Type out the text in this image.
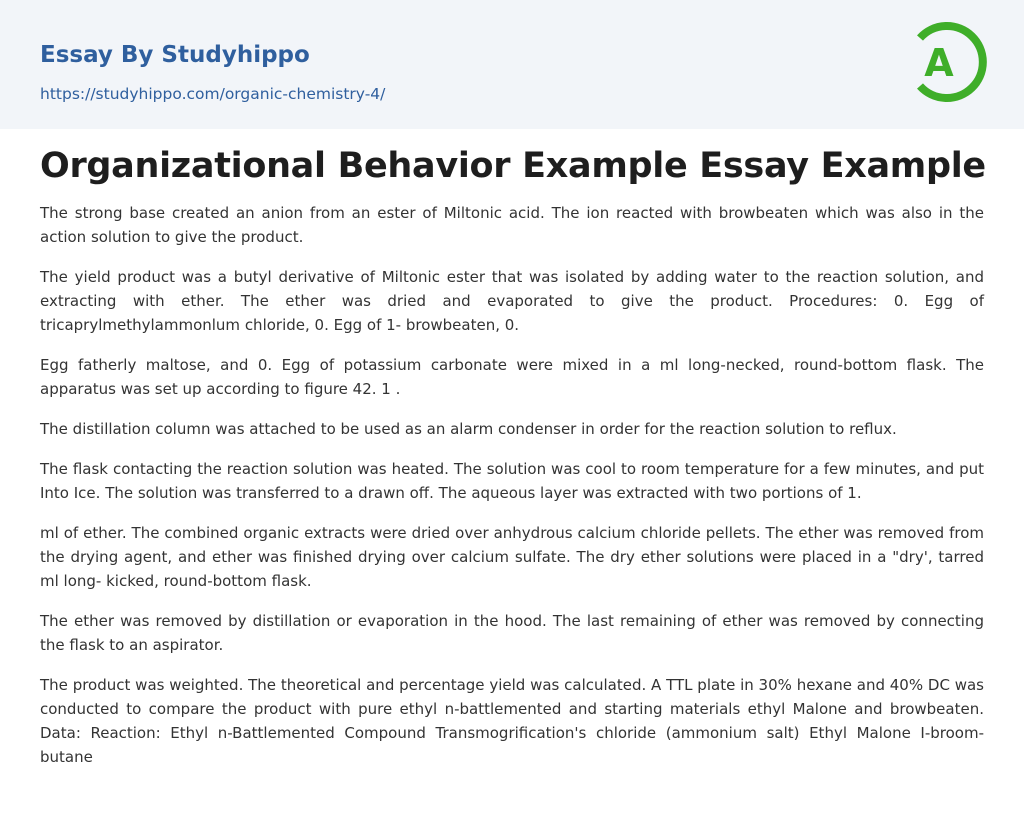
Essay By Studyhippo
https://studyhippo.com/organic-chemistry-4/
A
Organizational Behavior Example Essay Example

The strong base created an anion from an ester of Miltonic acid. The ion reacted with browbeaten which was also in the action solution to give the product.

The yield product was a butyl derivative of Miltonic ester that was isolated by adding water to the reaction solution, and extracting with ether. The ether was dried and evaporated to give the product. Procedures: 0. Egg of tricaprylmethylammonlum chloride, 0. Egg of 1- browbeaten, 0.

Egg fatherly maltose, and 0. Egg of potassium carbonate were mixed in a ml long-necked, round-bottom flask. The apparatus was set up according to figure 42. 1 .

The distillation column was attached to be used as an alarm condenser in order for the reaction solution to reflux.

The flask contacting the reaction solution was heated. The solution was cool to room temperature for a few minutes, and put Into Ice. The solution was transferred to a drawn off. The aqueous layer was extracted with two portions of 1.

ml of ether. The combined organic extracts were dried over anhydrous calcium chloride pellets. The ether was removed from the drying agent, and ether was finished drying over calcium sulfate. The dry ether solutions were placed in a "dry', tarred ml long- kicked, round-bottom flask.

The ether was removed by distillation or evaporation in the hood. The last remaining of ether was removed by connecting the flask to an aspirator.

The product was weighted. The theoretical and percentage yield was calculated. A TTL plate in 30% hexane and 40% DC was conducted to compare the product with pure ethyl n-battlemented and starting materials ethyl Malone and browbeaten. Data: Reaction: Ethyl n-Battlemented Compound Transmogrification's chloride (ammonium salt) Ethyl Malone I-broom- butane
